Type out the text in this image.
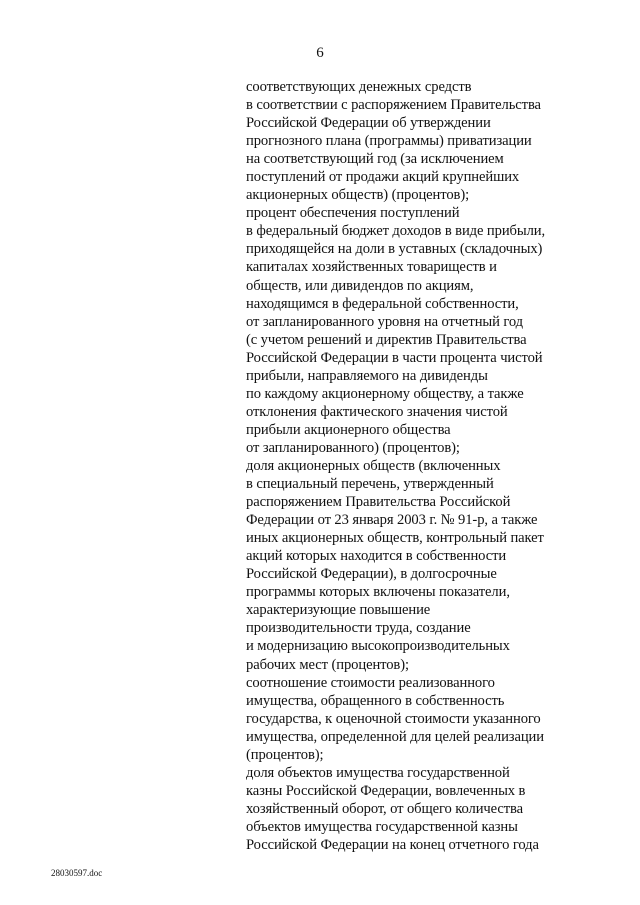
6
соответствующих денежных средств
в соответствии с распоряжением Правительства
Российской Федерации об утверждении
прогнозного плана (программы) приватизации
на соответствующий год (за исключением
поступлений от продажи акций крупнейших
акционерных обществ) (процентов);
процент обеспечения поступлений
в федеральный бюджет доходов в виде прибыли,
приходящейся на доли в уставных (складочных)
капиталах хозяйственных товариществ и
обществ, или дивидендов по акциям,
находящимся в федеральной собственности,
от запланированного уровня на отчетный год
(с учетом решений и директив Правительства
Российской Федерации в части процента чистой
прибыли, направляемого на дивиденды
по каждому акционерному обществу, а также
отклонения фактического значения чистой
прибыли акционерного общества
от запланированного) (процентов);
доля акционерных обществ (включенных
в специальный перечень, утвержденный
распоряжением Правительства Российской
Федерации от 23 января 2003 г. № 91-р, а также
иных акционерных обществ, контрольный пакет
акций которых находится в собственности
Российской Федерации), в долгосрочные
программы которых включены показатели,
характеризующие повышение
производительности труда, создание
и модернизацию высокопроизводительных
рабочих мест (процентов);
соотношение стоимости реализованного
имущества, обращенного в собственность
государства, к оценочной стоимости указанного
имущества, определенной для целей реализации
(процентов);
доля объектов имущества государственной
казны Российской Федерации, вовлеченных в
хозяйственный оборот, от общего количества
объектов имущества государственной казны
Российской Федерации на конец отчетного года
28030597.doc
